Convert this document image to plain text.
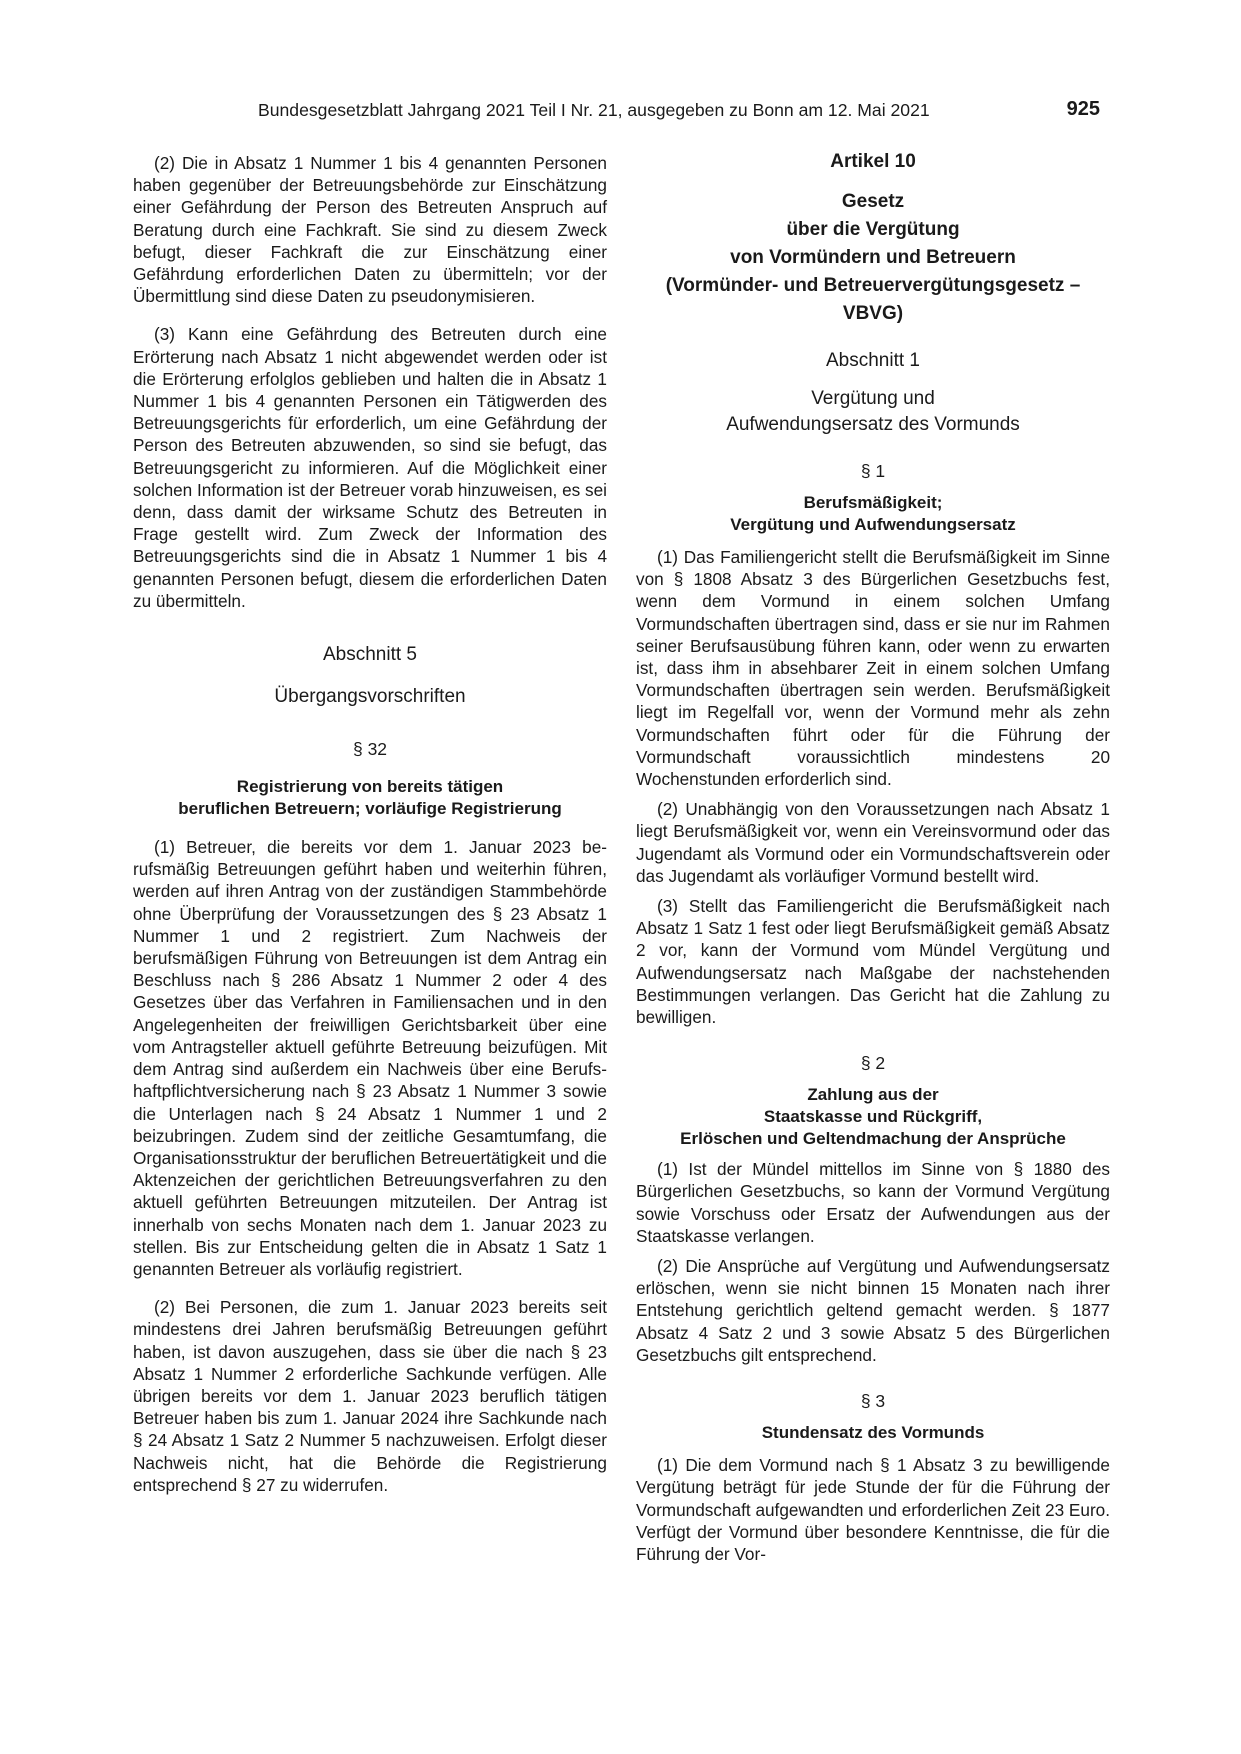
Bundesgesetzblatt Jahrgang 2021 Teil I Nr. 21, ausgegeben zu Bonn am 12. Mai 2021	925

(2) Die in Absatz 1 Nummer 1 bis 4 genannten Personen haben gegenüber der Betreuungsbehörde zur Einschätzung einer Gefährdung der Person des Betreuten Anspruch auf Beratung durch eine Fachkraft. Sie sind zu diesem Zweck befugt, dieser Fachkraft die zur Einschätzung einer Gefährdung erforderlichen Daten zu übermitteln; vor der Übermittlung sind diese Daten zu pseudonymisieren.

(3) Kann eine Gefährdung des Betreuten durch eine Erörterung nach Absatz 1 nicht abgewendet werden oder ist die Erörterung erfolglos geblieben und halten die in Absatz 1 Nummer 1 bis 4 genannten Personen ein Tätigwerden des Betreuungsgerichts für erforderlich, um eine Gefährdung der Person des Betreuten abzuwenden, so sind sie befugt, das Betreuungsgericht zu informieren. Auf die Möglichkeit einer solchen Information ist der Betreuer vorab hinzuweisen, es sei denn, dass damit der wirksame Schutz des Betreuten in Frage gestellt wird. Zum Zweck der Information des Betreuungsgerichts sind die in Absatz 1 Nummer 1 bis 4 genannten Personen befugt, diesem die erforderlichen Daten zu übermitteln.

Abschnitt 5
Übergangsvorschriften
§ 32
Registrierung von bereits tätigen
beruflichen Betreuern; vorläufige Registrierung

(1) Betreuer, die bereits vor dem 1. Januar 2023 berufsmäßig Betreuungen geführt haben und weiterhin führen, werden auf ihren Antrag von der zuständigen Stammbehörde ohne Überprüfung der Voraussetzungen des § 23 Absatz 1 Nummer 1 und 2 registriert. Zum Nachweis der berufsmäßigen Führung von Betreuungen ist dem Antrag ein Beschluss nach § 286 Absatz 1 Nummer 2 oder 4 des Gesetzes über das Verfahren in Familiensachen und in den Angelegenheiten der freiwilligen Gerichtsbarkeit über eine vom Antragsteller aktuell geführte Betreuung beizufügen. Mit dem Antrag sind außerdem ein Nachweis über eine Berufshaftpflichtversicherung nach § 23 Absatz 1 Nummer 3 sowie die Unterlagen nach § 24 Absatz 1 Nummer 1 und 2 beizubringen. Zudem sind der zeitliche Gesamtumfang, die Organisationsstruktur der beruflichen Betreuertätigkeit und die Aktenzeichen der gerichtlichen Betreuungsverfahren zu den aktuell geführten Betreuungen mitzuteilen. Der Antrag ist innerhalb von sechs Monaten nach dem 1. Januar 2023 zu stellen. Bis zur Entscheidung gelten die in Absatz 1 Satz 1 genannten Betreuer als vorläufig registriert.

(2) Bei Personen, die zum 1. Januar 2023 bereits seit mindestens drei Jahren berufsmäßig Betreuungen geführt haben, ist davon auszugehen, dass sie über die nach § 23 Absatz 1 Nummer 2 erforderliche Sachkunde verfügen. Alle übrigen bereits vor dem 1. Januar 2023 beruflich tätigen Betreuer haben bis zum 1. Januar 2024 ihre Sachkunde nach § 24 Absatz 1 Satz 2 Nummer 5 nachzuweisen. Erfolgt dieser Nachweis nicht, hat die Behörde die Registrierung entsprechend § 27 zu widerrufen.

Artikel 10
Gesetz
über die Vergütung
von Vormündern und Betreuern
(Vormünder- und Betreuervergütungsgesetz –
VBVG)
Abschnitt 1
Vergütung und
Aufwendungsersatz des Vormunds
§ 1
Berufsmäßigkeit;
Vergütung und Aufwendungsersatz

(1) Das Familiengericht stellt die Berufsmäßigkeit im Sinne von § 1808 Absatz 3 des Bürgerlichen Gesetzbuchs fest, wenn dem Vormund in einem solchen Umfang Vormundschaften übertragen sind, dass er sie nur im Rahmen seiner Berufsausübung führen kann, oder wenn zu erwarten ist, dass ihm in absehbarer Zeit in einem solchen Umfang Vormundschaften übertragen sein werden. Berufsmäßigkeit liegt im Regelfall vor, wenn der Vormund mehr als zehn Vormundschaften führt oder für die Führung der Vormundschaft voraussichtlich mindestens 20 Wochenstunden erforderlich sind.

(2) Unabhängig von den Voraussetzungen nach Absatz 1 liegt Berufsmäßigkeit vor, wenn ein Vereinsvormund oder das Jugendamt als Vormund oder ein Vormundschaftsverein oder das Jugendamt als vorläufiger Vormund bestellt wird.

(3) Stellt das Familiengericht die Berufsmäßigkeit nach Absatz 1 Satz 1 fest oder liegt Berufsmäßigkeit gemäß Absatz 2 vor, kann der Vormund vom Mündel Vergütung und Aufwendungsersatz nach Maßgabe der nachstehenden Bestimmungen verlangen. Das Gericht hat die Zahlung zu bewilligen.

§ 2
Zahlung aus der
Staatskasse und Rückgriff,
Erlöschen und Geltendmachung der Ansprüche

(1) Ist der Mündel mittellos im Sinne von § 1880 des Bürgerlichen Gesetzbuchs, so kann der Vormund Vergütung sowie Vorschuss oder Ersatz der Aufwendungen aus der Staatskasse verlangen.

(2) Die Ansprüche auf Vergütung und Aufwendungsersatz erlöschen, wenn sie nicht binnen 15 Monaten nach ihrer Entstehung gerichtlich geltend gemacht werden. § 1877 Absatz 4 Satz 2 und 3 sowie Absatz 5 des Bürgerlichen Gesetzbuchs gilt entsprechend.

§ 3
Stundensatz des Vormunds

(1) Die dem Vormund nach § 1 Absatz 3 zu bewilligende Vergütung beträgt für jede Stunde der für die Führung der Vormundschaft aufgewandten und erforderlichen Zeit 23 Euro. Verfügt der Vormund über besondere Kenntnisse, die für die Führung der Vor-
